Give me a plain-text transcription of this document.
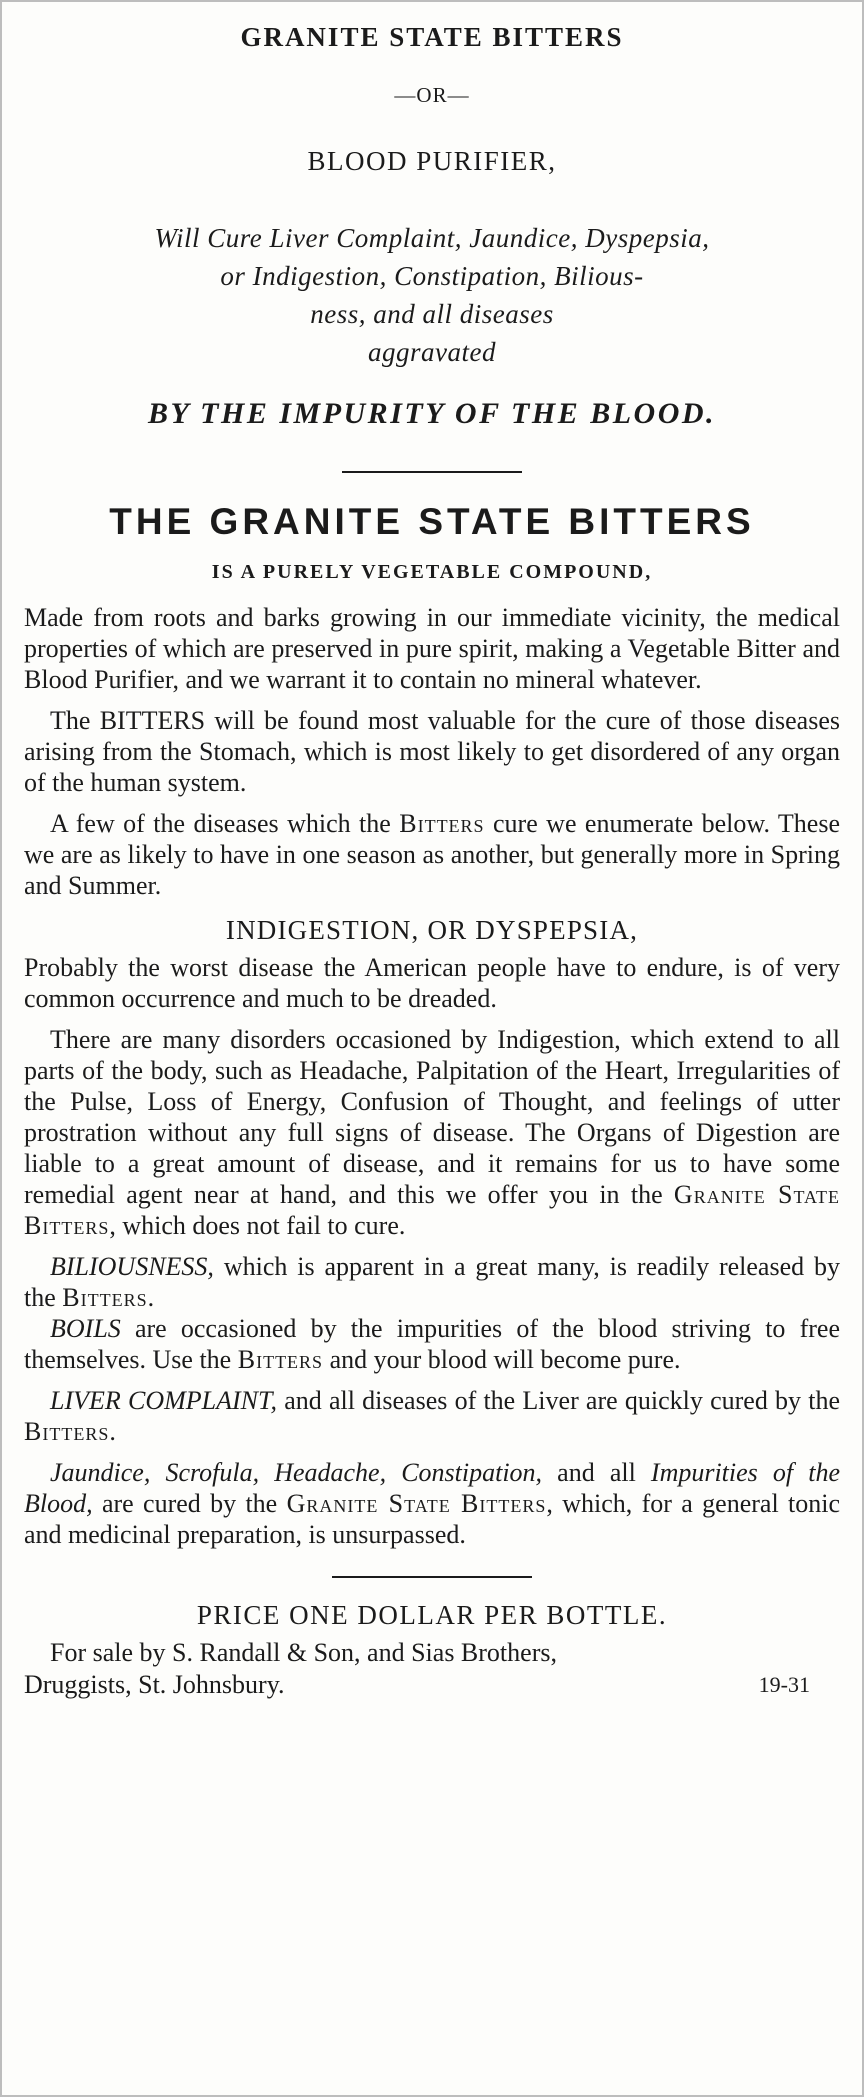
GRANITE STATE BITTERS
—OR—
BLOOD PURIFIER,
Will Cure Liver Complaint, Jaundice, Dyspepsia,
or Indigestion, Constipation, Bilious-
ness, and all diseases
aggravated
BY THE IMPURITY OF THE BLOOD.
THE GRANITE STATE BITTERS
IS A PURELY VEGETABLE COMPOUND,

Made from roots and barks growing in our immediate vicinity, the medical properties of which are preserved in pure spirit, making a Vegetable Bitter and Blood Purifier, and we warrant it to contain no mineral whatever.

The BITTERS will be found most valuable for the cure of those diseases arising from the Stomach, which is most likely to get disordered of any organ of the human system.

A few of the diseases which the Bitters cure we enumerate below. These we are as likely to have in one season as another, but generally more in Spring and Summer.

INDIGESTION, OR DYSPEPSIA,

Probably the worst disease the American people have to endure, is of very common occurrence and much to be dreaded.

There are many disorders occasioned by Indigestion, which extend to all parts of the body, such as Headache, Palpitation of the Heart, Irregularities of the Pulse, Loss of Energy, Confusion of Thought, and feelings of utter prostration without any full signs of disease. The Organs of Digestion are liable to a great amount of disease, and it remains for us to have some remedial agent near at hand, and this we offer you in the Granite State Bitters, which does not fail to cure.

BILIOUSNESS, which is apparent in a great many, is readily released by the Bitters.

BOILS are occasioned by the impurities of the blood striving to free themselves. Use the Bitters and your blood will become pure.

LIVER COMPLAINT, and all diseases of the Liver are quickly cured by the Bitters.

Jaundice, Scrofula, Headache, Constipation, and all Impurities of the Blood, are cured by the Granite State Bitters, which, for a general tonic and medicinal preparation, is unsurpassed.

PRICE ONE DOLLAR PER BOTTLE.
For sale by S. Randall & Son, and Sias Brothers,
Druggists, St. Johnsbury.	19-31
